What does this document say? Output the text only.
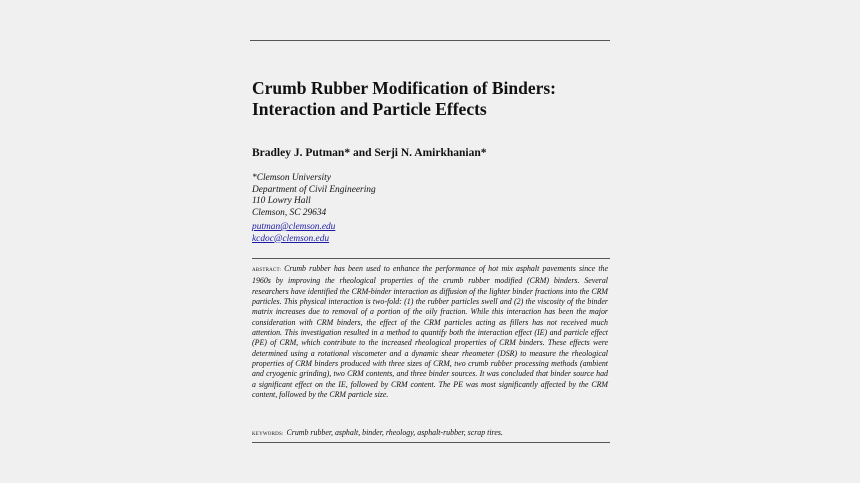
Crumb Rubber Modification of Binders:
Interaction and Particle Effects
Bradley J. Putman* and Serji N. Amirkhanian*
*Clemson University
Department of Civil Engineering
110 Lowry Hall
Clemson, SC 29634
putman@clemson.edu
kcdoc@clemson.edu

ABSTRACT: Crumb rubber has been used to enhance the performance of hot mix asphalt pavements since the 1960s by improving the rheological properties of the crumb rubber modified (CRM) binders. Several researchers have identified the CRM-binder interaction as diffusion of the lighter binder fractions into the CRM particles. This physical interaction is two-fold: (1) the rubber particles swell and (2) the viscosity of the binder matrix increases due to removal of a portion of the oily fraction. While this interaction has been the major consideration with CRM binders, the effect of the CRM particles acting as fillers has not received much attention. This investigation resulted in a method to quantify both the interaction effect (IE) and particle effect (PE) of CRM, which contribute to the increased rheological properties of CRM binders. These effects were determined using a rotational viscometer and a dynamic shear rheometer (DSR) to measure the rheological properties of CRM binders produced with three sizes of CRM, two crumb rubber processing methods (ambient and cryogenic grinding), two CRM contents, and three binder sources. It was concluded that binder source had a significant effect on the IE, followed by CRM content. The PE was most significantly affected by the CRM content, followed by the CRM particle size.

KEYWORDS: Crumb rubber, asphalt, binder, rheology, asphalt-rubber, scrap tires.
